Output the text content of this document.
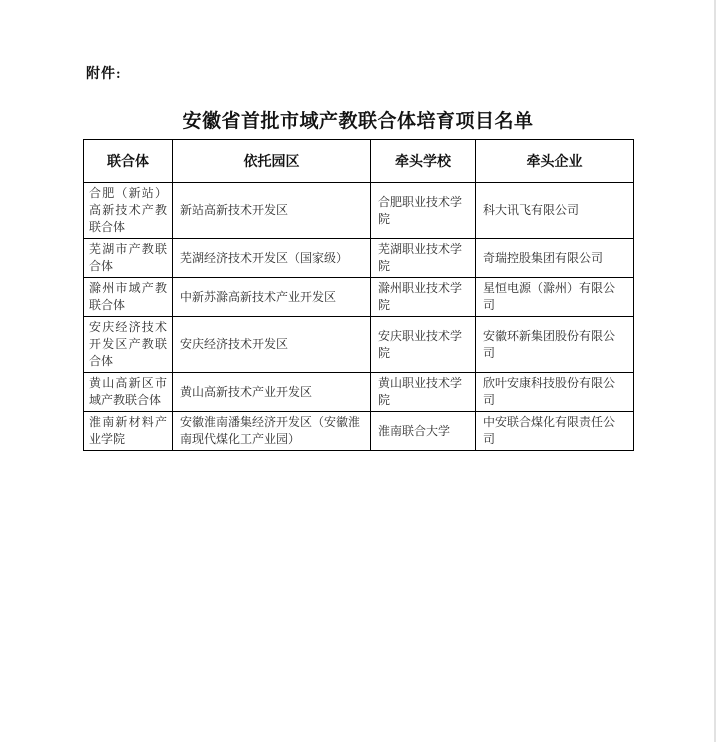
附件:
安徽省首批市域产教联合体培育项目名单
联合体	依托园区	牵头学校	牵头企业
合肥（新站）高新技术产教联合体	新站高新技术开发区	合肥职业技术学院	科大讯飞有限公司
芜湖市产教联合体	芜湖经济技术开发区（国家级）	芜湖职业技术学院	奇瑞控股集团有限公司
滁州市域产教联合体	中新苏滁高新技术产业开发区	滁州职业技术学院	星恒电源（滁州）有限公司
安庆经济技术开发区产教联合体	安庆经济技术开发区	安庆职业技术学院	安徽环新集团股份有限公司
黄山高新区市域产教联合体	黄山高新技术产业开发区	黄山职业技术学院	欣叶安康科技股份有限公司
淮南新材料产业学院	安徽淮南潘集经济开发区（安徽淮南现代煤化工产业园）	淮南联合大学	中安联合煤化有限责任公司
